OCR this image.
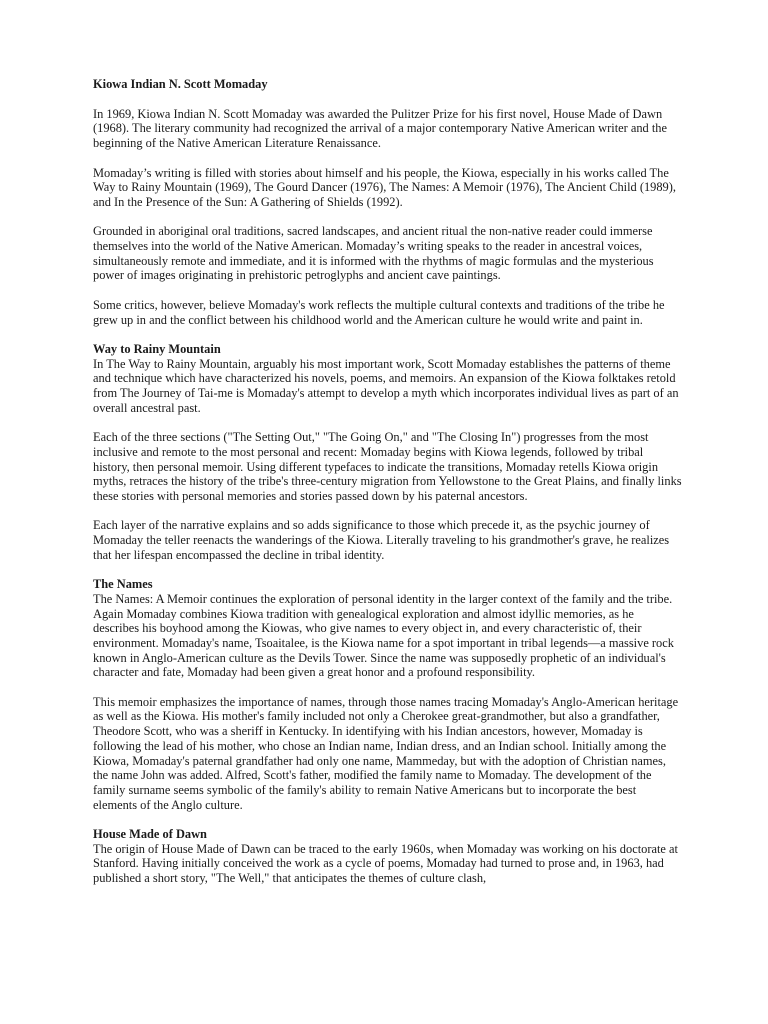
Kiowa Indian N. Scott Momaday

In 1969, Kiowa Indian N. Scott Momaday was awarded the Pulitzer Prize for his first novel, House Made of Dawn (1968). The literary community had recognized the arrival of a major contemporary Native American writer and the beginning of the Native American Literature Renaissance.

Momaday’s writing is filled with stories about himself and his people, the Kiowa, especially in his works called The Way to Rainy Mountain (1969), The Gourd Dancer (1976), The Names: A Memoir (1976), The Ancient Child (1989), and In the Presence of the Sun: A Gathering of Shields (1992).

Grounded in aboriginal oral traditions, sacred landscapes, and ancient ritual the non-native reader could immerse themselves into the world of the Native American. Momaday’s writing speaks to the reader in ancestral voices, simultaneously remote and immediate, and it is informed with the rhythms of magic formulas and the mysterious power of images originating in prehistoric petroglyphs and ancient cave paintings.

Some critics, however, believe Momaday's work reflects the multiple cultural contexts and traditions of the tribe he grew up in and the conflict between his childhood world and the American culture he would write and paint in.

Way to Rainy Mountain

In The Way to Rainy Mountain, arguably his most important work, Scott Momaday establishes the patterns of theme and technique which have characterized his novels, poems, and memoirs. An expansion of the Kiowa folktakes retold from The Journey of Tai-me is Momaday's attempt to develop a myth which incorporates individual lives as part of an overall ancestral past.

Each of the three sections ("The Setting Out," "The Going On," and "The Closing In") progresses from the most inclusive and remote to the most personal and recent: Momaday begins with Kiowa legends, followed by tribal history, then personal memoir. Using different typefaces to indicate the transitions, Momaday retells Kiowa origin myths, retraces the history of the tribe's three-century migration from Yellowstone to the Great Plains, and finally links these stories with personal memories and stories passed down by his paternal ancestors.

Each layer of the narrative explains and so adds significance to those which precede it, as the psychic journey of Momaday the teller reenacts the wanderings of the Kiowa. Literally traveling to his grandmother's grave, he realizes that her lifespan encompassed the decline in tribal identity.

The Names

The Names: A Memoir continues the exploration of personal identity in the larger context of the family and the tribe. Again Momaday combines Kiowa tradition with genealogical exploration and almost idyllic memories, as he describes his boyhood among the Kiowas, who give names to every object in, and every characteristic of, their environment. Momaday's name, Tsoaitalee, is the Kiowa name for a spot important in tribal legends—a massive rock known in Anglo-American culture as the Devils Tower. Since the name was supposedly prophetic of an individual's character and fate, Momaday had been given a great honor and a profound responsibility.

This memoir emphasizes the importance of names, through those names tracing Momaday's Anglo-American heritage as well as the Kiowa. His mother's family included not only a Cherokee great-grandmother, but also a grandfather, Theodore Scott, who was a sheriff in Kentucky. In identifying with his Indian ancestors, however, Momaday is following the lead of his mother, who chose an Indian name, Indian dress, and an Indian school. Initially among the Kiowa, Momaday's paternal grandfather had only one name, Mammeday, but with the adoption of Christian names, the name John was added. Alfred, Scott's father, modified the family name to Momaday. The development of the family surname seems symbolic of the family's ability to remain Native Americans but to incorporate the best elements of the Anglo culture.

House Made of Dawn

The origin of House Made of Dawn can be traced to the early 1960s, when Momaday was working on his doctorate at Stanford. Having initially conceived the work as a cycle of poems, Momaday had turned to prose and, in 1963, had published a short story, "The Well," that anticipates the themes of culture clash,
